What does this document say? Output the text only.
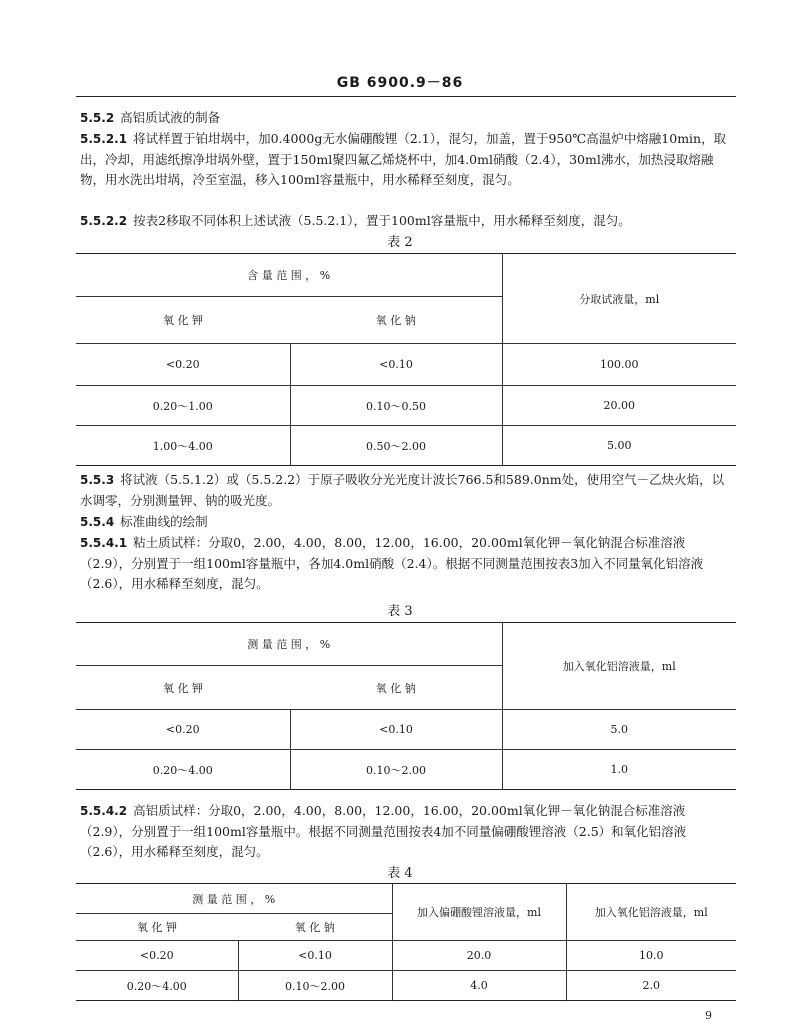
GB 6900.9－86
5.5.2 高铝质试液的制备
5.5.2.1 将试样置于铂坩埚中，加0.4000g无水偏硼酸锂（2.1），混匀，加盖，置于950℃高温炉中熔融10min，取出，冷却，用滤纸擦净坩埚外壁，置于150ml聚四氟乙烯烧杯中，加4.0ml硝酸（2.4），30ml沸水，加热浸取熔融物，用水洗出坩埚，冷至室温，移入100ml容量瓶中，用水稀释至刻度，混匀。
5.5.2.2 按表2移取不同体积上述试液（5.5.2.1），置于100ml容量瓶中，用水稀释至刻度，混匀。
表 2
含 量 范 围 ， %		分取试液量，ml
氧 化 钾	氧 化 钠	
<0.20	<0.10	100.00
0.20～1.00	0.10～0.50	20.00
1.00～4.00	0.50～2.00	5.00
5.5.3 将试液（5.5.1.2）或（5.5.2.2）于原子吸收分光光度计波长766.5和589.0nm处，使用空气－乙炔火焰，以水调零，分别测量钾、钠的吸光度。
5.5.4 标准曲线的绘制
5.5.4.1 粘土质试样：分取0，2.00，4.00，8.00，12.00，16.00，20.00ml氧化钾－氧化钠混合标准溶液（2.9），分别置于一组100ml容量瓶中，各加4.0ml硝酸（2.4）。根据不同测量范围按表3加入不同量氧化铝溶液（2.6），用水稀释至刻度，混匀。
表 3
测 量 范 围 ， %		加入氧化铝溶液量，ml
氧 化 钾	氧 化 钠	
<0.20	<0.10	5.0
0.20～4.00	0.10～2.00	1.0
5.5.4.2 高铝质试样：分取0，2.00，4.00，8.00，12.00，16.00，20.00ml氧化钾－氧化钠混合标准溶液（2.9），分别置于一组100ml容量瓶中。根据不同测量范围按表4加不同量偏硼酸锂溶液（2.5）和氧化铝溶液（2.6），用水稀释至刻度，混匀。
表 4
测 量 范 围 ， %		加入偏硼酸锂溶液量，ml	加入氧化铝溶液量，ml
氧 化 钾	氧 化 钠		
<0.20	<0.10	20.0	10.0
0.20～4.00	0.10～2.00	4.0	2.0
9
